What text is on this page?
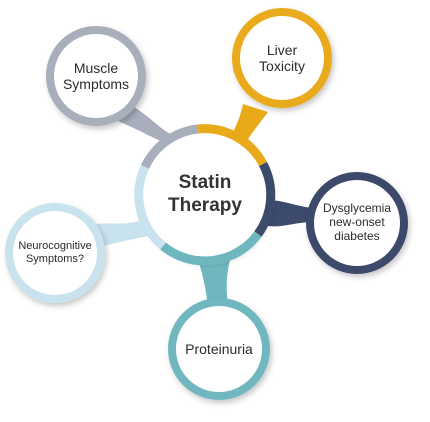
Statin
Therapy
Muscle
Symptoms
Liver
Toxicity
Dysglycemia
new-onset
diabetes
Neurocognitive
Symptoms?
Proteinuria
